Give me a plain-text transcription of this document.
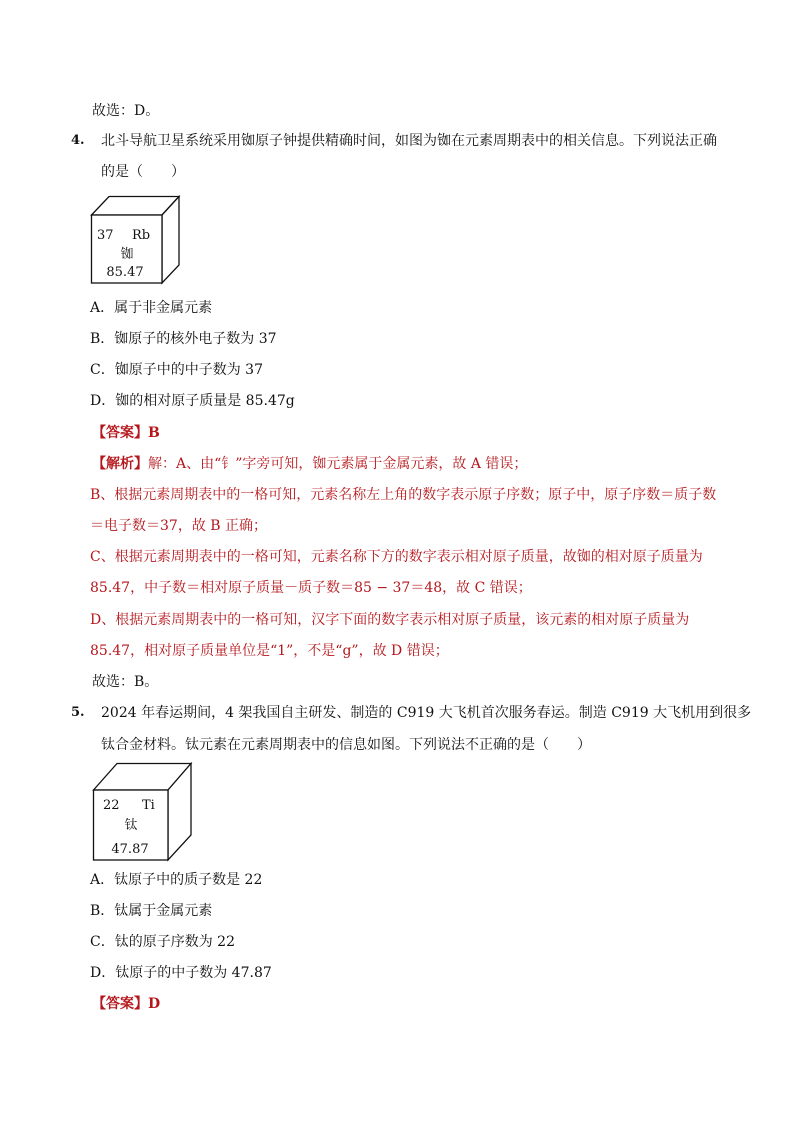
故选：D。
4. 北斗导航卫星系统采用铷原子钟提供精确时间，如图为铷在元素周期表中的相关信息。下列说法正确
的是（　　）
37 Rb
铷
85.47
A．属于非金属元素
B．铷原子的核外电子数为 37
C．铷原子中的中子数为 37
D．铷的相对原子质量是 85.47g
【答案】B
【解析】解：A、由“钅”字旁可知，铷元素属于金属元素，故 A 错误；
B、根据元素周期表中的一格可知，元素名称左上角的数字表示原子序数；原子中，原子序数＝质子数
＝电子数＝37，故 B 正确；
C、根据元素周期表中的一格可知，元素名称下方的数字表示相对原子质量，故铷的相对原子质量为
85.47，中子数＝相对原子质量－质子数＝85 − 37＝48，故 C 错误；
D、根据元素周期表中的一格可知，汉字下面的数字表示相对原子质量，该元素的相对原子质量为
85.47，相对原子质量单位是“1”，不是“g”，故 D 错误；
故选：B。
5. 2024 年春运期间，4 架我国自主研发、制造的 C919 大飞机首次服务春运。制造 C919 大飞机用到很多
钛合金材料。钛元素在元素周期表中的信息如图。下列说法不正确的是（　　）
22 Ti
钛
47.87
A．钛原子中的质子数是 22
B．钛属于金属元素
C．钛的原子序数为 22
D．钛原子的中子数为 47.87
【答案】D
